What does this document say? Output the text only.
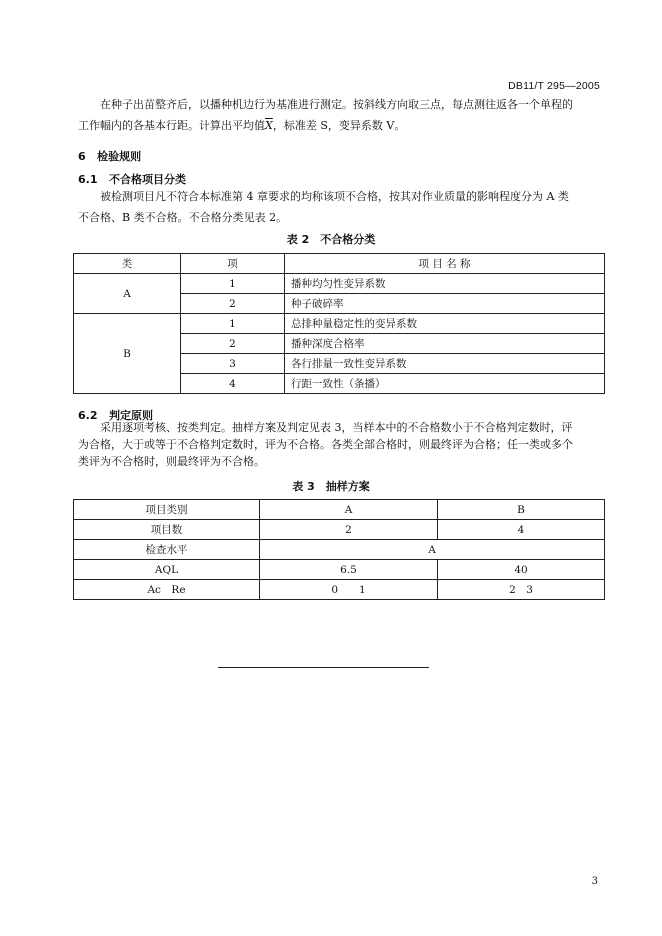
DB11/T 295—2005
在种子出苗整齐后，以播种机边行为基准进行测定。按斜线方向取三点，每点测往返各一个单程的
工作幅内的各基本行距。计算出平均值$\overline{X}$，标准差 S，变异系数 V。
6 检验规则
6.1 不合格项目分类
被检测项目凡不符合本标准第 4 章要求的均称该项不合格，按其对作业质量的影响程度分为 A 类
不合格、B 类不合格。不合格分类见表 2。
表 2　不合格分类
类	项	项 目 名 称
A	1	播种均匀性变异系数
	2	种子破碎率
B	1	总排种量稳定性的变异系数
	2	播种深度合格率
	3	各行排量一致性变异系数
	4	行距一致性（条播）
6.2 判定原则
采用逐项考核、按类判定。抽样方案及判定见表 3，当样本中的不合格数小于不合格判定数时，评
为合格，大于或等于不合格判定数时，评为不合格。各类全部合格时，则最终评为合格；任一类或多个
类评为不合格时，则最终评为不合格。
表 3　抽样方案
项目类别	A	B
项目数	2	4
检查水平	A	
AQL	6.5	40
Ac　Re	0　　1	2　3
3
